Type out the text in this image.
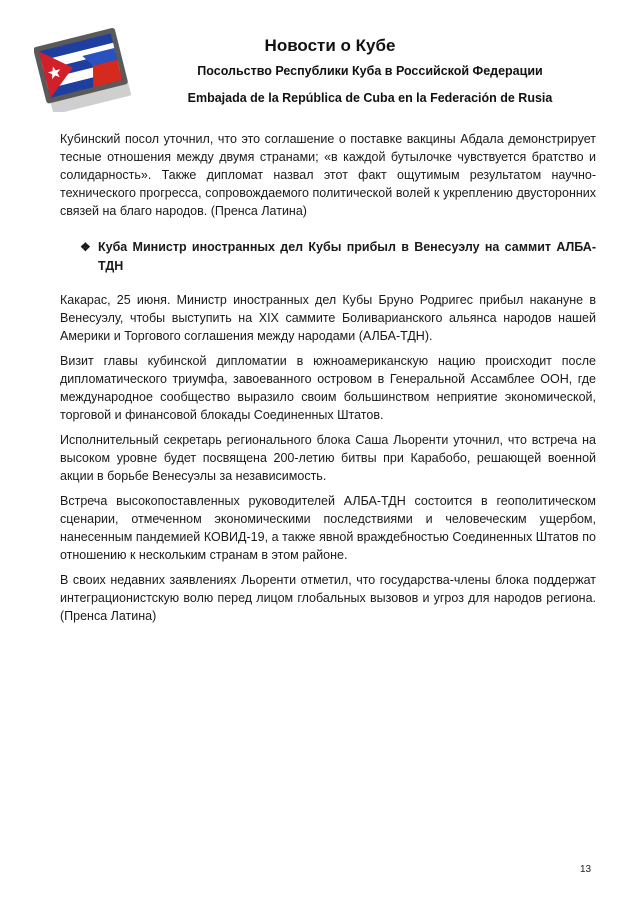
Новости о Кубе
Посольство Республики Куба в Российской Федерации
Embajada de la República de Cuba en la Federación de Rusia

Кубинский посол уточнил, что это соглашение о поставке вакцины Абдала демонстрирует тесные отношения между двумя странами; «в каждой бутылочке чувствуется братство и солидарность». Также дипломат назвал этот факт ощутимым результатом научно-технического прогресса, сопровождаемого политической волей к укреплению двусторонних связей на благо народов. (Пренса Латина)

❖ Куба Министр иностранных дел Кубы прибыл в Венесуэлу на саммит АЛБА-ТДН

Какарас, 25 июня. Министр иностранных дел Кубы Бруно Родригес прибыл накануне в Венесуэлу, чтобы выступить на XIX саммите Боливарианского альянса народов нашей Америки и Торгового соглашения между народами (АЛБА-ТДН).

Визит главы кубинской дипломатии в южноамериканскую нацию происходит после дипломатического триумфа, завоеванного островом в Генеральной Ассамблее ООН, где международное сообщество выразило своим большинством неприятие экономической, торговой и финансовой блокады Соединенных Штатов.

Исполнительный секретарь регионального блока Саша Льоренти уточнил, что встреча на высоком уровне будет посвящена 200-летию битвы при Карабобо, решающей военной акции в борьбе Венесуэлы за независимость.

Встреча высокопоставленных руководителей АЛБА-ТДН состоится в геополитическом сценарии, отмеченном экономическими последствиями и человеческим ущербом, нанесенным пандемией КОВИД-19, а также явной враждебностью Соединенных Штатов по отношению к нескольким странам в этом районе.

В своих недавних заявлениях Льоренти отметил, что государства-члены блока поддержат интеграционистскую волю перед лицом глобальных вызовов и угроз для народов региона. (Пренса Латина)

13
